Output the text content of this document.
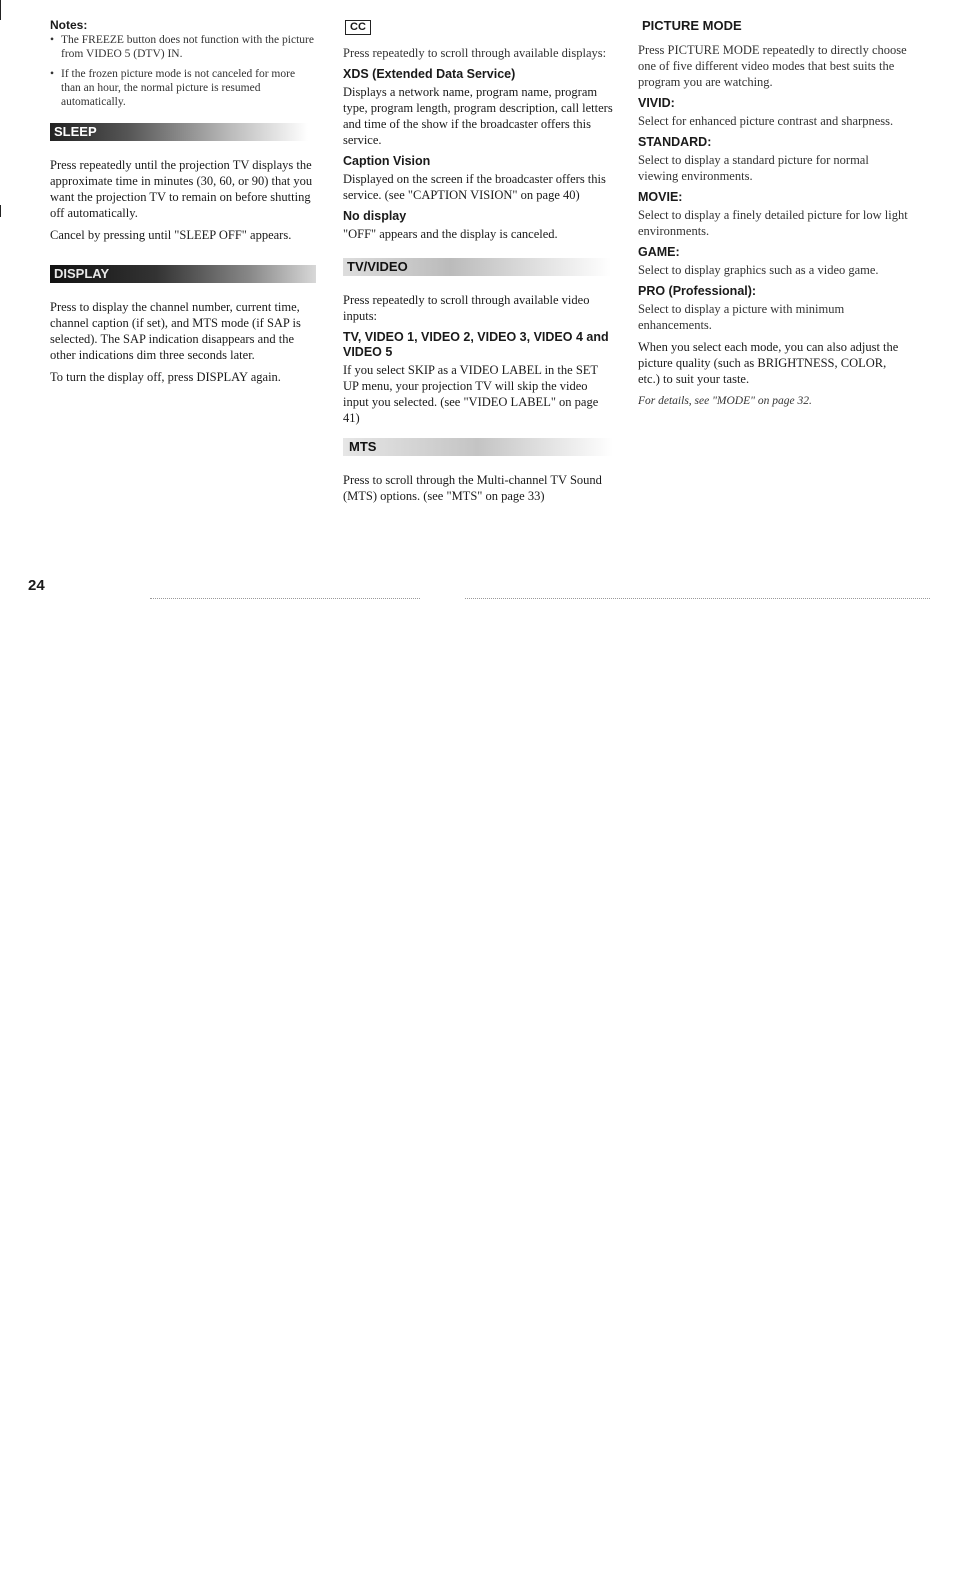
Notes:
• The FREEZE button does not function with the picture from VIDEO 5 (DTV) IN.
• If the frozen picture mode is not canceled for more than an hour, the normal picture is resumed automatically.
SLEEP

Press repeatedly until the projection TV displays the approximate time in minutes (30, 60, or 90) that you want the projection TV to remain on before shutting off automatically.

Cancel by pressing until "SLEEP OFF" appears.

DISPLAY

Press to display the channel number, current time, channel caption (if set), and MTS mode (if SAP is selected). The SAP indication disappears and the other indications dim three seconds later.

To turn the display off, press DISPLAY again.

CC

Press repeatedly to scroll through available displays:

XDS (Extended Data Service)

Displays a network name, program name, program type, program length, program description, call letters and time of the show if the broadcaster offers this service.

Caption Vision

Displayed on the screen if the broadcaster offers this service. (see "CAPTION VISION" on page 40)

No display

"OFF" appears and the display is canceled.

TV/VIDEO

Press repeatedly to scroll through available video inputs:

TV, VIDEO 1, VIDEO 2, VIDEO 3, VIDEO 4 and VIDEO 5

If you select SKIP as a VIDEO LABEL in the SET UP menu, your projection TV will skip the video input you selected. (see "VIDEO LABEL" on page 41)

MTS

Press to scroll through the Multi-channel TV Sound (MTS) options. (see "MTS" on page 33)

PICTURE MODE

Press PICTURE MODE repeatedly to directly choose one of five different video modes that best suits the program you are watching.

VIVID:

Select for enhanced picture contrast and sharpness.

STANDARD:

Select to display a standard picture for normal viewing environments.

MOVIE:

Select to display a finely detailed picture for low light environments.

GAME:

Select to display graphics such as a video game.

PRO (Professional):

Select to display a picture with minimum enhancements.

When you select each mode, you can also adjust the picture quality (such as BRIGHTNESS, COLOR, etc.) to suit your taste.

For details, see "MODE" on page 32.

24
